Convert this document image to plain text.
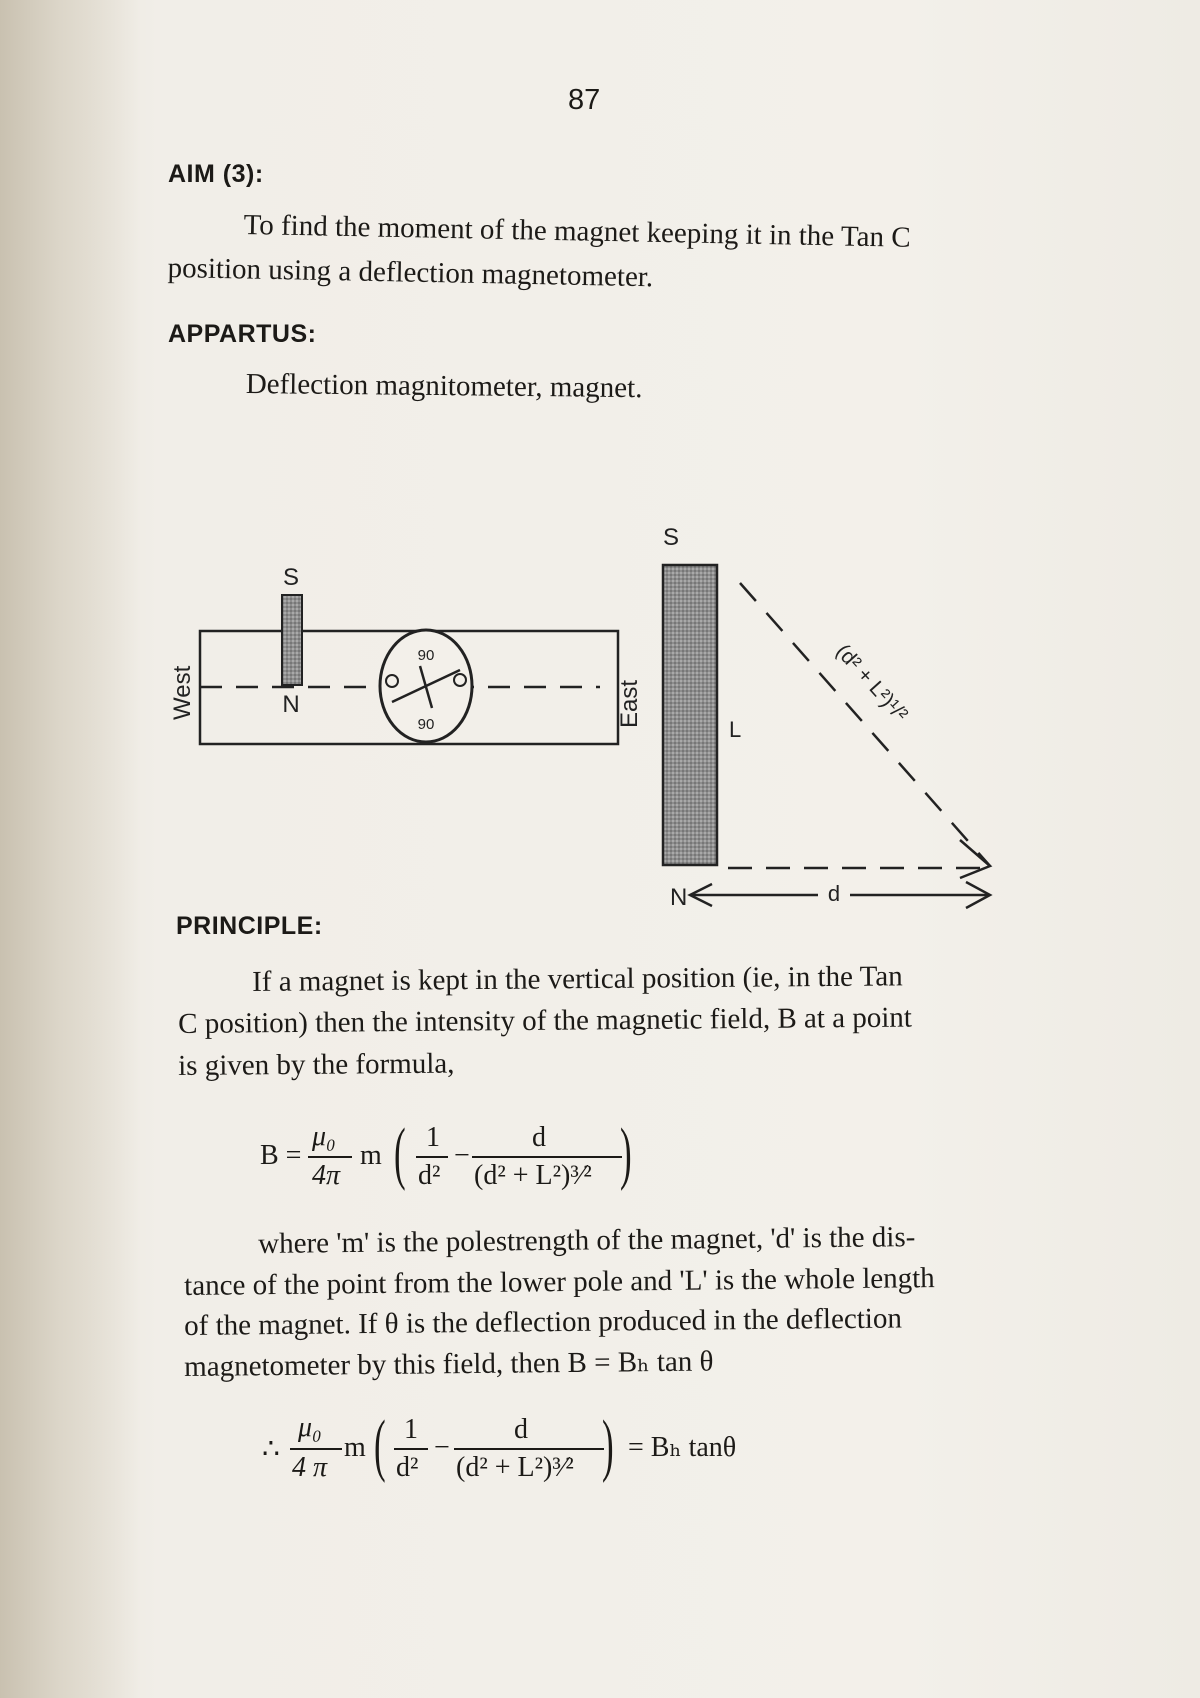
87
AIM (3):
To find the moment of the magnet keeping it in the Tan C
position using a deflection magnetometer.
APPARTUS:
Deflection magnitometer, magnet.
S
N
90
90
West	East
S
N
L
d
(d² + L²)¹/²
PRINCIPLE:
If a magnet is kept in the vertical position (ie, in the Tan
C position) then the intensity of the magnetic field, B at a point
is given by the formula,
B =
μ₀
4π
m ( 1
d²
−
d
(d² + L²)³⁄² )
where 'm' is the polestrength of the magnet, 'd' is the dis-
tance of the point from the lower pole and 'L' is the whole length
of the magnet. If θ is the deflection produced in the deflection
magnetometer by this field, then B = Bₕ tan θ
∴
μ₀
4 π
m ( 1
d²
−
d
(d² + L²)³⁄² ) = Bₕ tanθ
